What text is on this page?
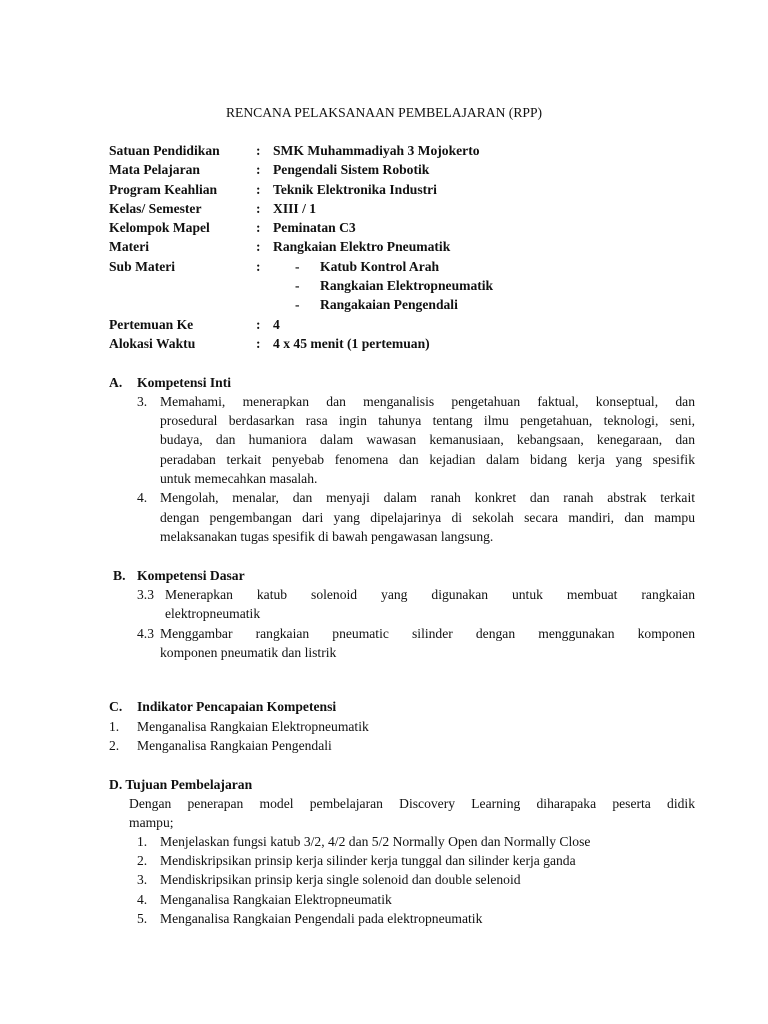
RENCANA PELAKSANAAN PEMBELAJARAN (RPP)
Satuan Pendidikan	: SMK Muhammadiyah 3 Mojokerto
Mata Pelajaran	: Pengendali Sistem Robotik
Program Keahlian	: Teknik Elektronika Industri
Kelas/ Semester	: XIII / 1
Kelompok Mapel	: Peminatan C3
Materi	: Rangkaian Elektro Pneumatik
Sub Materi	:	- Katub Kontrol Arah
- Rangkaian Elektropneumatik
- Rangakaian Pengendali
Pertemuan Ke	: 4
Alokasi Waktu	: 4 x 45 menit (1 pertemuan)
A. Kompetensi Inti
3. Memahami, menerapkan dan menganalisis pengetahuan faktual, konseptual, dan
prosedural berdasarkan rasa ingin tahunya tentang ilmu pengetahuan, teknologi, seni,
budaya, dan humaniora dalam wawasan kemanusiaan, kebangsaan, kenegaraan, dan
peradaban terkait penyebab fenomena dan kejadian dalam bidang kerja yang spesifik
untuk memecahkan masalah.
4. Mengolah, menalar, dan menyaji dalam ranah konkret dan ranah abstrak terkait
dengan pengembangan dari yang dipelajarinya di sekolah secara mandiri, dan mampu
melaksanakan tugas spesifik di bawah pengawasan langsung.
B. Kompetensi Dasar
3.3 Menerapkan katub solenoid yang digunakan untuk membuat rangkaian
elektropneumatik
4.3 Menggambar rangkaian pneumatic silinder dengan menggunakan komponen
komponen pneumatik dan listrik
C. Indikator Pencapaian Kompetensi
1. Menganalisa Rangkaian Elektropneumatik
2. Menganalisa Rangkaian Pengendali
D. Tujuan Pembelajaran
Dengan penerapan model pembelajaran Discovery Learning diharapaka peserta didik
mampu;
1. Menjelaskan fungsi katub 3/2, 4/2 dan 5/2 Normally Open dan Normally Close
2. Mendiskripsikan prinsip kerja silinder kerja tunggal dan silinder kerja ganda
3. Mendiskripsikan prinsip kerja single solenoid dan double selenoid
4. Menganalisa Rangkaian Elektropneumatik
5. Menganalisa Rangkaian Pengendali pada elektropneumatik
